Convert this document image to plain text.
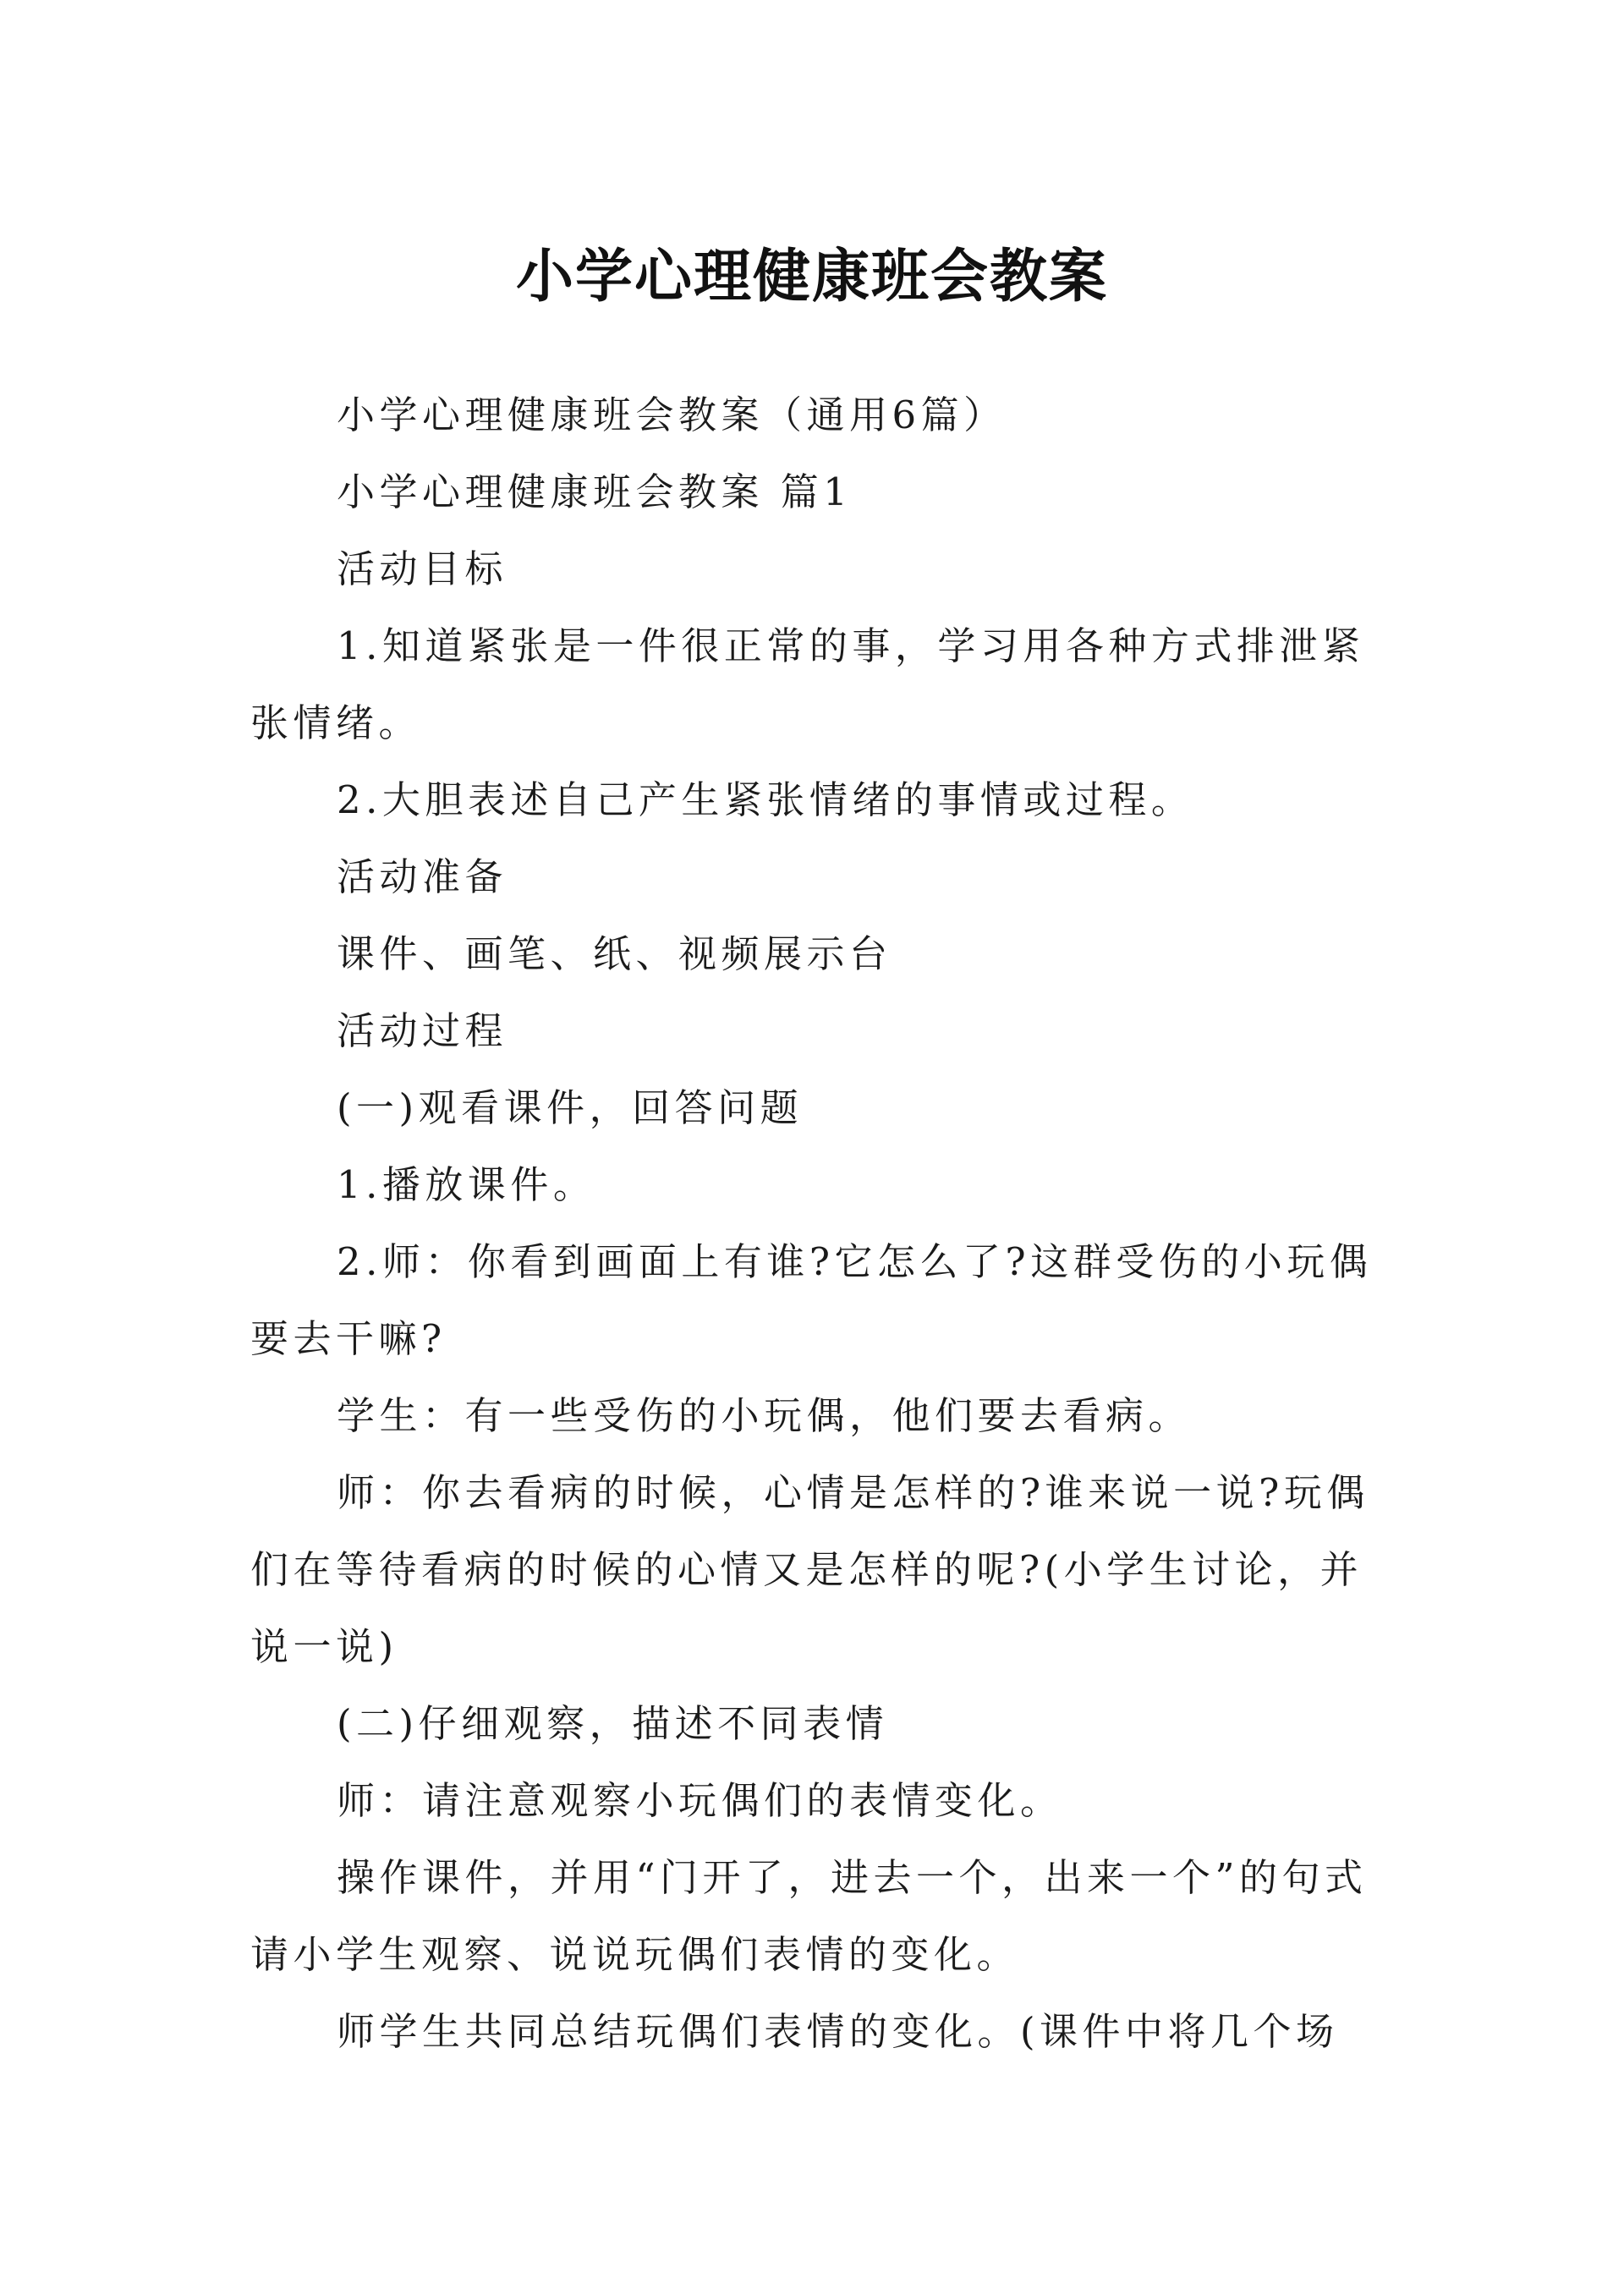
小学心理健康班会教案

小学心理健康班会教案（通用6篇）

小学心理健康班会教案 篇1

活动目标

1.知道紧张是一件很正常的事，学习用各种方式排泄紧张情绪。

2.大胆表述自己产生紧张情绪的事情或过程。

活动准备

课件、画笔、纸、视频展示台

活动过程

(一)观看课件，回答问题

1.播放课件。

2.师：你看到画面上有谁?它怎么了?这群受伤的小玩偶要去干嘛?

学生：有一些受伤的小玩偶，他们要去看病。

师：你去看病的时候，心情是怎样的?谁来说一说?玩偶们在等待看病的时候的心情又是怎样的呢?(小学生讨论，并说一说)

(二)仔细观察，描述不同表情

师：请注意观察小玩偶们的表情变化。

操作课件，并用“门开了，进去一个，出来一个”的句式请小学生观察、说说玩偶们表情的变化。

师学生共同总结玩偶们表情的变化。(课件中将几个场
